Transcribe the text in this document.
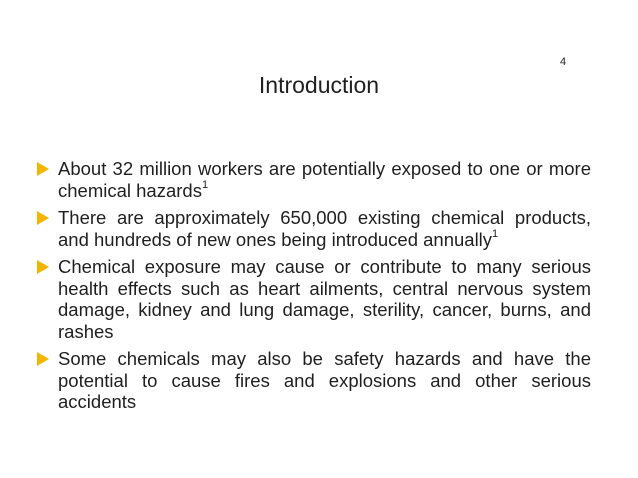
4
Introduction
About 32 million workers are potentially exposed to one or more chemical hazards$^1$
There are approximately 650,000 existing chemical products, and hundreds of new ones being introduced annually$^1$
Chemical exposure may cause or contribute to many serious health effects such as heart ailments, central nervous system damage, kidney and lung damage, sterility, cancer, burns, and rashes
Some chemicals may also be safety hazards and have the potential to cause fires and explosions and other serious accidents
